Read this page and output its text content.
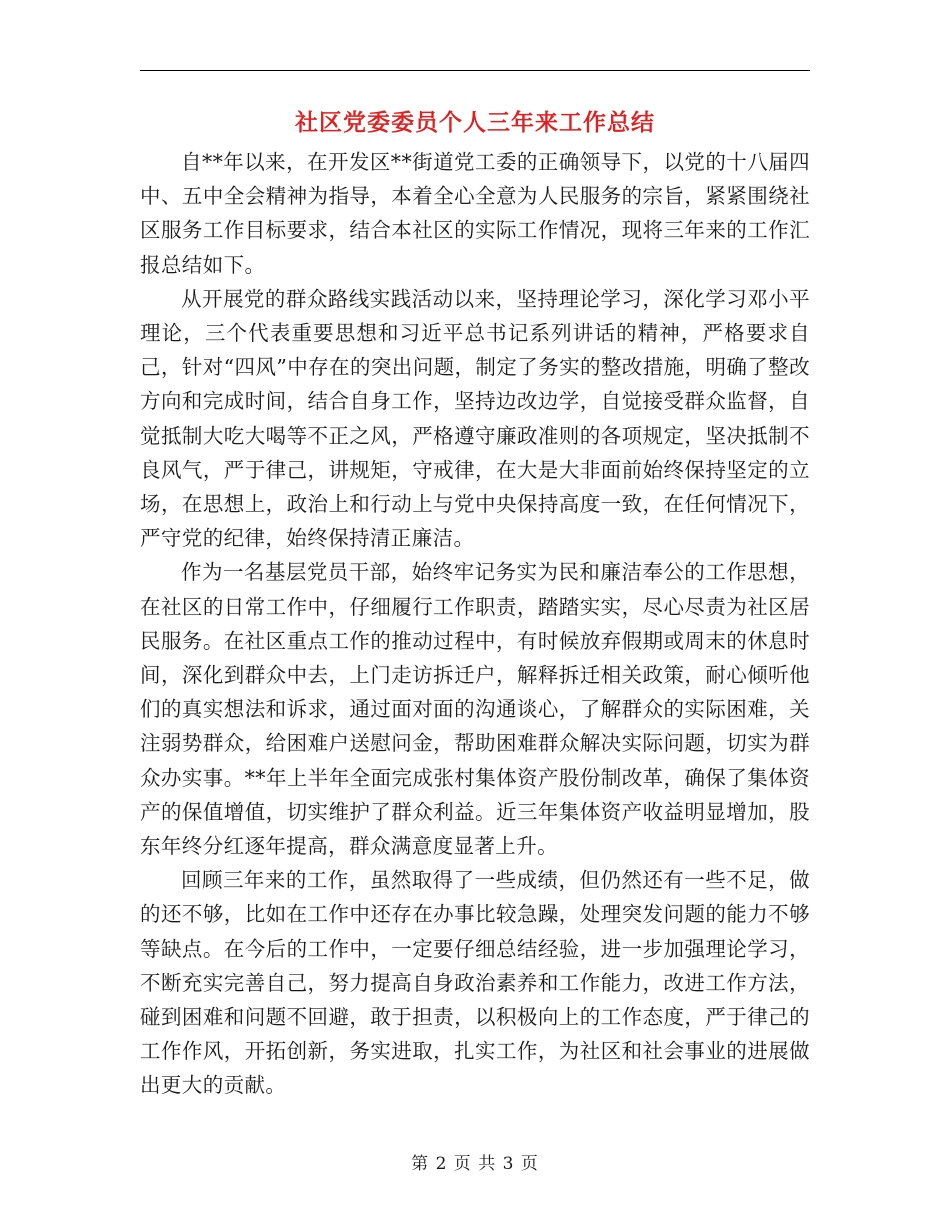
社区党委委员个人三年来工作总结

自**年以来，在开发区**街道党工委的正确领导下，以党的十八届四中、五中全会精神为指导，本着全心全意为人民服务的宗旨，紧紧围绕社区服务工作目标要求，结合本社区的实际工作情况，现将三年来的工作汇报总结如下。

从开展党的群众路线实践活动以来，坚持理论学习，深化学习邓小平理论，三个代表重要思想和习近平总书记系列讲话的精神，严格要求自己，针对“四风”中存在的突出问题，制定了务实的整改措施，明确了整改方向和完成时间，结合自身工作，坚持边改边学，自觉接受群众监督，自觉抵制大吃大喝等不正之风，严格遵守廉政准则的各项规定，坚决抵制不良风气，严于律己，讲规矩，守戒律，在大是大非面前始终保持坚定的立场，在思想上，政治上和行动上与党中央保持高度一致，在任何情况下，严守党的纪律，始终保持清正廉洁。

作为一名基层党员干部，始终牢记务实为民和廉洁奉公的工作思想，在社区的日常工作中，仔细履行工作职责，踏踏实实，尽心尽责为社区居民服务。在社区重点工作的推动过程中，有时候放弃假期或周末的休息时间，深化到群众中去，上门走访拆迁户，解释拆迁相关政策，耐心倾听他们的真实想法和诉求，通过面对面的沟通谈心，了解群众的实际困难，关注弱势群众，给困难户送慰问金，帮助困难群众解决实际问题，切实为群众办实事。**年上半年全面完成张村集体资产股份制改革，确保了集体资产的保值增值，切实维护了群众利益。近三年集体资产收益明显增加，股东年终分红逐年提高，群众满意度显著上升。

回顾三年来的工作，虽然取得了一些成绩，但仍然还有一些不足，做的还不够，比如在工作中还存在办事比较急躁，处理突发问题的能力不够等缺点。在今后的工作中，一定要仔细总结经验，进一步加强理论学习，不断充实完善自己，努力提高自身政治素养和工作能力，改进工作方法，碰到困难和问题不回避，敢于担责，以积极向上的工作态度，严于律己的工作作风，开拓创新，务实进取，扎实工作，为社区和社会事业的进展做出更大的贡献。

第 2 页 共 3 页
